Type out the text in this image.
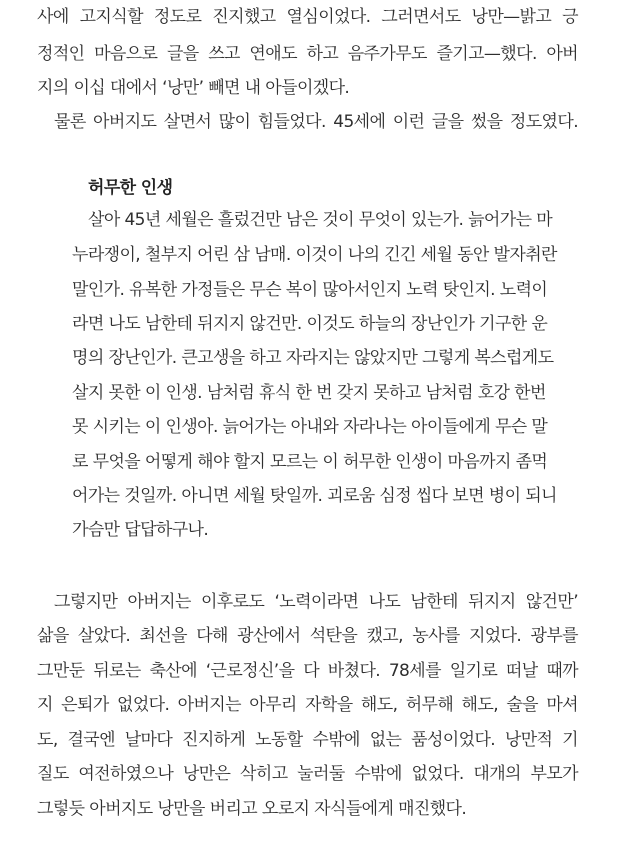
사에 고지식할 정도로 진지했고 열심이었다. 그러면서도 낭만—밝고 긍
정적인 마음으로 글을 쓰고 연애도 하고 음주가무도 즐기고—했다. 아버
지의 이십 대에서 ‘낭만’ 빼면 내 아들이겠다.
물론 아버지도 살면서 많이 힘들었다. 45세에 이런 글을 썼을 정도였다.
허무한 인생
살아 45년 세월은 흘렀건만 남은 것이 무엇이 있는가. 늙어가는 마
누라쟁이, 철부지 어린 삼 남매. 이것이 나의 긴긴 세월 동안 발자취란
말인가. 유복한 가정들은 무슨 복이 많아서인지 노력 탓인지. 노력이
라면 나도 남한테 뒤지지 않건만. 이것도 하늘의 장난인가 기구한 운
명의 장난인가. 큰고생을 하고 자라지는 않았지만 그렇게 복스럽게도
살지 못한 이 인생. 남처럼 휴식 한 번 갖지 못하고 남처럼 호강 한번
못 시키는 이 인생아. 늙어가는 아내와 자라나는 아이들에게 무슨 말
로 무엇을 어떻게 해야 할지 모르는 이 허무한 인생이 마음까지 좀먹
어가는 것일까. 아니면 세월 탓일까. 괴로움 심정 씹다 보면 병이 되니
가슴만 답답하구나.
그렇지만 아버지는 이후로도 ‘노력이라면 나도 남한테 뒤지지 않건만’
삶을 살았다. 최선을 다해 광산에서 석탄을 캤고, 농사를 지었다. 광부를
그만둔 뒤로는 축산에 ‘근로정신’을 다 바쳤다. 78세를 일기로 떠날 때까
지 은퇴가 없었다. 아버지는 아무리 자학을 해도, 허무해 해도, 술을 마셔
도, 결국엔 날마다 진지하게 노동할 수밖에 없는 품성이었다. 낭만적 기
질도 여전하였으나 낭만은 삭히고 눌러둘 수밖에 없었다. 대개의 부모가
그렇듯 아버지도 낭만을 버리고 오로지 자식들에게 매진했다.
